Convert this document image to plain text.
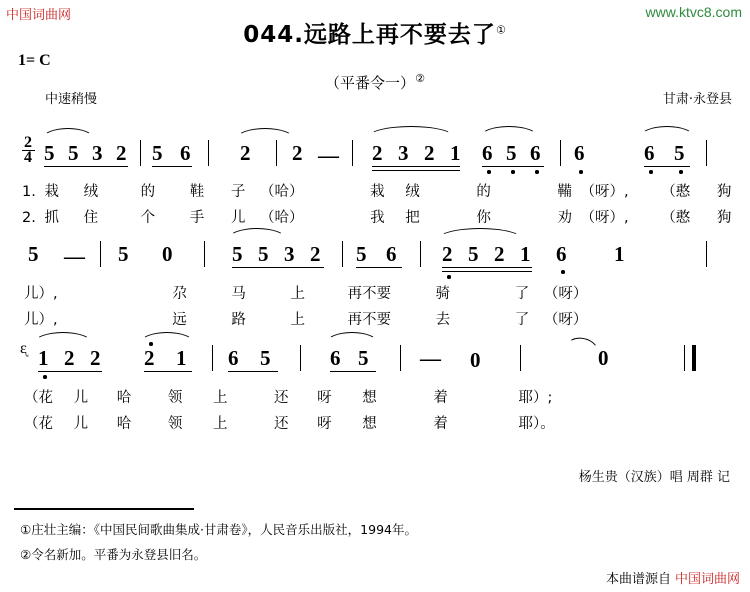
中国词曲网	www.ktvc8.com
044.远路上再不要去了①
1= C
（平番令一）②
中速稍慢	甘肃·永登县
2
4 5 5 3 2 5 6 2 2 — 2 3 2 1 6 5 6 6	6 5
1. 栽 绒	的 鞋 子 （哈）	栽 绒	的	鞴 （呀）, （憨 狗
2. 抓 住	个 手 儿 （哈）	我 把	你	劝 （呀）, （憨 狗
5 — 5 0	5 5 3 2 5 6 2 5 2 1 6 1
儿）,	尕	马	上	再不要	骑	了 （呀）
儿）,	远	路	上	再不要	去	了 （呀）
ᶓ 1 2 2 2 1 6 5	6 5 — 0	0
（花 儿 哈	领 上	还 呀 想	着	耶）;
（花 儿 哈	领 上	还 呀 想	着	耶）。
杨生贵（汉族）唱 周群 记
①庄壮主编：《中国民间歌曲集成·甘肃卷》，人民音乐出版社，1994年。
②令名新加。平番为永登县旧名。
本曲谱源自 中国词曲网
